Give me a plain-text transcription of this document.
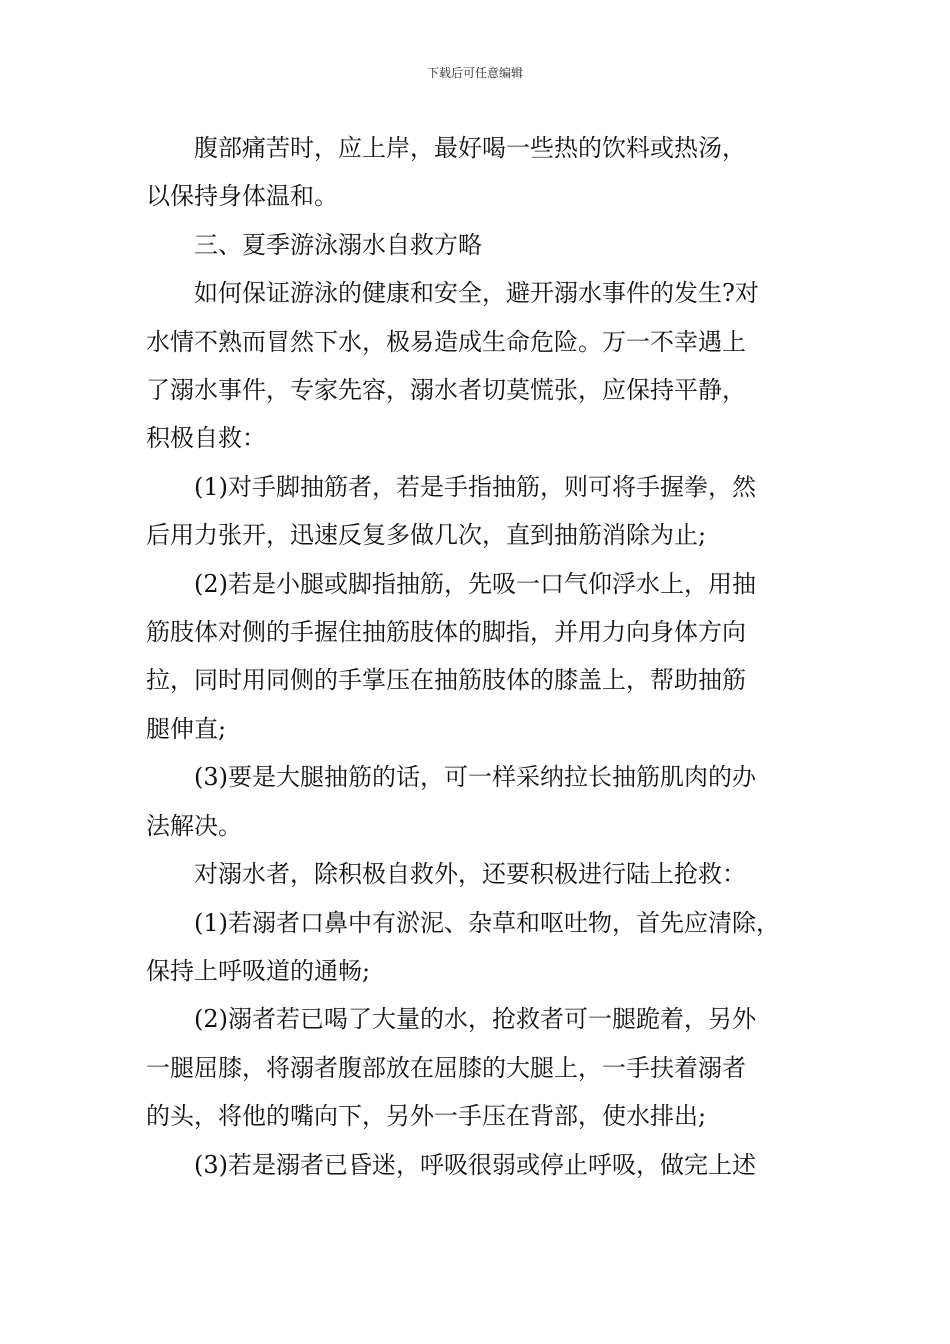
下载后可任意编辑

腹部痛苦时，应上岸，最好喝一些热的饮料或热汤，
以保持身体温和。

三、夏季游泳溺水自救方略

如何保证游泳的健康和安全，避开溺水事件的发生?对
水情不熟而冒然下水，极易造成生命危险。万一不幸遇上
了溺水事件，专家先容，溺水者切莫慌张，应保持平静，
积极自救：

(1)对手脚抽筋者，若是手指抽筋，则可将手握拳，然
后用力张开，迅速反复多做几次，直到抽筋消除为止;

(2)若是小腿或脚指抽筋，先吸一口气仰浮水上，用抽
筋肢体对侧的手握住抽筋肢体的脚指，并用力向身体方向
拉，同时用同侧的手掌压在抽筋肢体的膝盖上，帮助抽筋
腿伸直;

(3)要是大腿抽筋的话，可一样采纳拉长抽筋肌肉的办
法解决。

对溺水者，除积极自救外，还要积极进行陆上抢救：

(1)若溺者口鼻中有淤泥、杂草和呕吐物，首先应清除，
保持上呼吸道的通畅;

(2)溺者若已喝了大量的水，抢救者可一腿跪着，另外
一腿屈膝，将溺者腹部放在屈膝的大腿上，一手扶着溺者
的头，将他的嘴向下，另外一手压在背部，使水排出;

(3)若是溺者已昏迷，呼吸很弱或停止呼吸，做完上述
